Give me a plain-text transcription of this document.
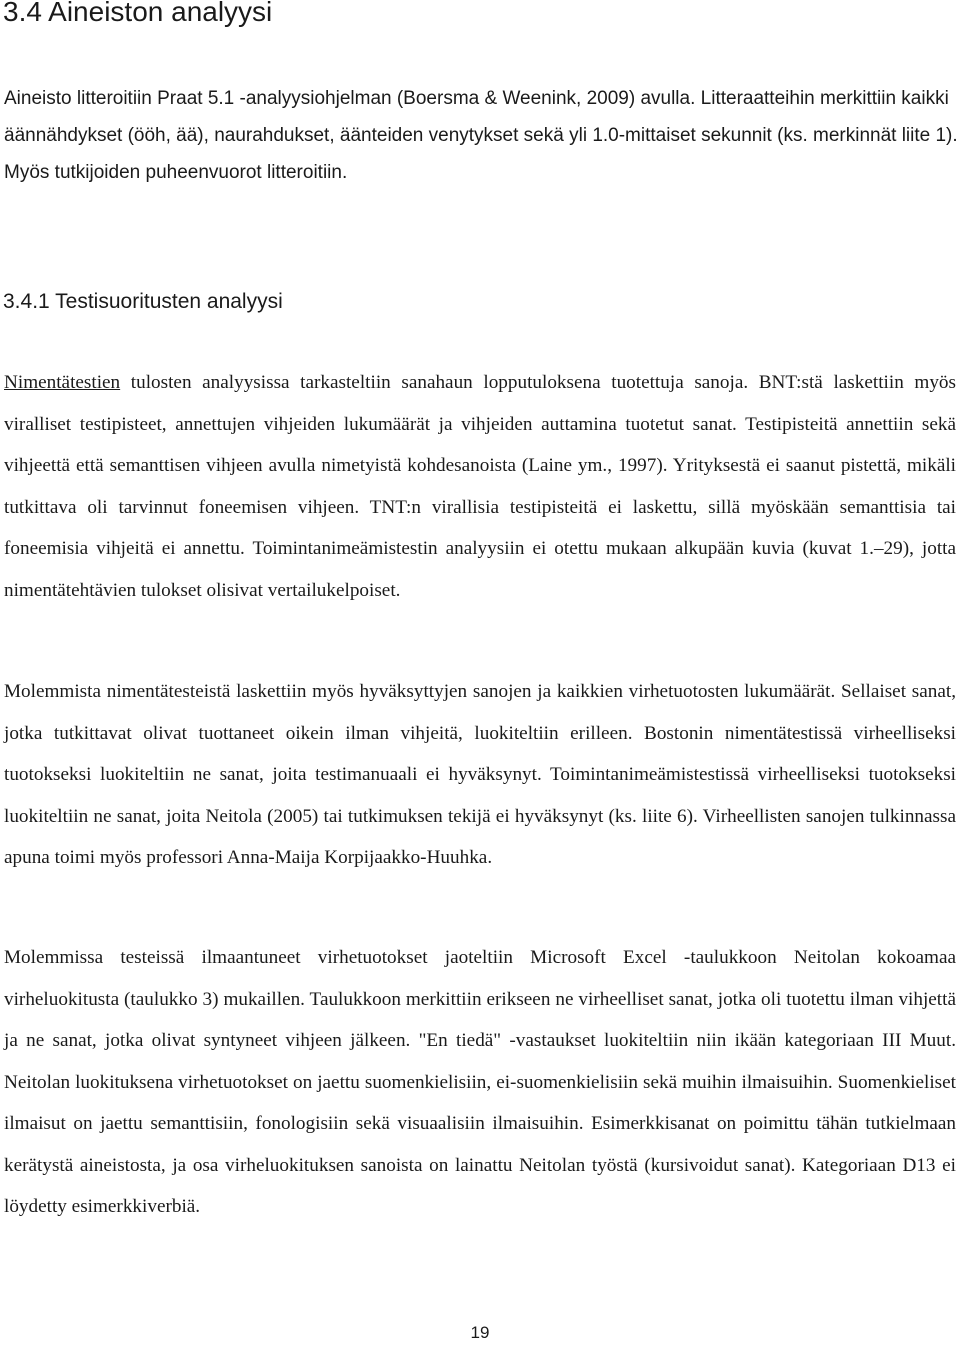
3.4 Aineiston analyysi

Aineisto litteroitiin Praat 5.1 -analyysiohjelman (Boersma & Weenink, 2009) avulla. Litteraatteihin merkittiin kaikki äännähdykset (ööh, ää), naurahdukset, äänteiden venytykset sekä yli 1.0-mittaiset sekunnit (ks. merkinnät liite 1). Myös tutkijoiden puheenvuorot litteroitiin.

3.4.1 Testisuoritusten analyysi

Nimentätestien tulosten analyysissa tarkasteltiin sanahaun lopputuloksena tuotettuja sanoja. BNT:stä laskettiin myös viralliset testipisteet, annettujen vihjeiden lukumäärät ja vihjeiden auttamina tuotetut sanat. Testipisteitä annettiin sekä vihjeettä että semanttisen vihjeen avulla nimetyistä kohdesanoista (Laine ym., 1997). Yrityksestä ei saanut pistettä, mikäli tutkittava oli tarvinnut foneemisen vihjeen. TNT:n virallisia testipisteitä ei laskettu, sillä myöskään semanttisia tai foneemisia vihjeitä ei annettu. Toimintanimeämistestin analyysiin ei otettu mukaan alkupään kuvia (kuvat 1.–29), jotta nimentätehtävien tulokset olisivat vertailukelpoiset.

Molemmista nimentätesteistä laskettiin myös hyväksyttyjen sanojen ja kaikkien virhetuotosten lukumäärät. Sellaiset sanat, jotka tutkittavat olivat tuottaneet oikein ilman vihjeitä, luokiteltiin erilleen. Bostonin nimentätestissä virheelliseksi tuotokseksi luokiteltiin ne sanat, joita testimanuaali ei hyväksynyt. Toimintanimeämistestissä virheelliseksi tuotokseksi luokiteltiin ne sanat, joita Neitola (2005) tai tutkimuksen tekijä ei hyväksynyt (ks. liite 6). Virheellisten sanojen tulkinnassa apuna toimi myös professori Anna-Maija Korpijaakko-Huuhka.

Molemmissa testeissä ilmaantuneet virhetuotokset jaoteltiin Microsoft Excel -taulukkoon Neitolan kokoamaa virheluokitusta (taulukko 3) mukaillen. Taulukkoon merkittiin erikseen ne virheelliset sanat, jotka oli tuotettu ilman vihjettä ja ne sanat, jotka olivat syntyneet vihjeen jälkeen. "En tiedä" -vastaukset luokiteltiin niin ikään kategoriaan III Muut. Neitolan luokituksena virhetuotokset on jaettu suomenkielisiin, ei-suomenkielisiin sekä muihin ilmaisuihin. Suomenkieliset ilmaisut on jaettu semanttisiin, fonologisiin sekä visuaalisiin ilmaisuihin. Esimerkkisanat on poimittu tähän tutkielmaan kerätystä aineistosta, ja osa virheluokituksen sanoista on lainattu Neitolan työstä (kursivoidut sanat). Kategoriaan D13 ei löydetty esimerkkiverbiä.

19
